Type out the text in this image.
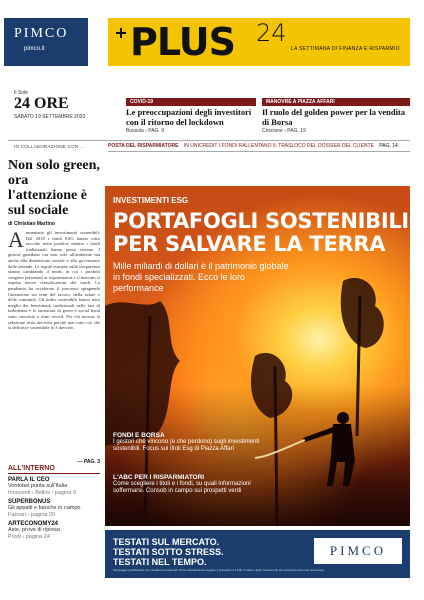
PIMCO
pimco.it PLUS 24
LA SETTIMANA DI FINANZA E RISPARMIO
Il Sole
24 ORE
SABATO 19 SETTEMBRE 2020
COVID-19
Le preoccupazioni degli investitori con il ritorno del lockdown
Bussola › PAG. 9
MANOVRE A PIAZZA AFFARI
Il ruolo del golden power per la vendita di Borsa
Criscione › PAG. 19
IN COLLABORAZIONE CON ...	POSTA DEL RISPARMIATORE IN UNICREDIT I FONDI RALLENTANO IL TRASLOCO DEL DOSSIER DEL CLIENTE PAG. 14
Non solo green, ora l'attenzione è sul sociale
di Christian Martino
Aumentano gli investimenti sostenibili. Dal 2018 i fondi ESG hanno visto raccolte nette positive mentre i fondi tradizionali hanno perso terreno. I gestori guardano ora non solo all'ambiente ma anche alla dimensione sociale e alla governance delle aziende. Le regole europee sulla trasparenza stanno cambiando il modo in cui i prodotti vengono presentati ai risparmiatori e il mercato si aspetta nuove classificazioni dei fondi. La pandemia ha accelerato il processo spingendo l'attenzione sui temi del lavoro, della salute e delle comunità. Gli indici sostenibili hanno retto meglio dei benchmark tradizionali nelle fasi di turbolenza e le emissioni di green e social bond sono cresciute a ritmi record. Per chi investe la selezione resta decisiva perché non tutto ciò che si definisce sostenibile lo è davvero.
— PAG. 3
ALL'INTERNO
PARLA IL CEO
Vontobel punta sull'Italia
Innocenti › Bellini › pagina 9
SUPERBONUS
Gli appalti e banche in campo
Fazzari › pagina 20
ARTECONOMY24
Aste, prove di ripresa
Prodi › pagina 24
INVESTIMENTI ESG
PORTAFOGLI SOSTENIBILI
PER SALVARE LA TERRA
Mille miliardi di dollari è il patrimonio globale in fondi specializzati. Ecco le loro performance
FONDI E BORSA
I gestori che vincono (e che perdono) sugli investimenti sostenibili. Focus sui titoli Esg di Piazza Affari
L'ABC PER I RISPARMIATORI
Come scegliere i titoli e i fondi, su quali informazioni soffermarsi. Consob in campo sui prospetti verdi
TESTATI SUL MERCATO.
TESTATI SOTTO STRESS.
TESTATI NEL TEMPO.
PIMCO
Messaggio pubblicitario con finalità promozionali. Prima dell'adesione leggere il prospetto e il KID. Il valore degli investimenti può diminuire oltre che aumentare.
